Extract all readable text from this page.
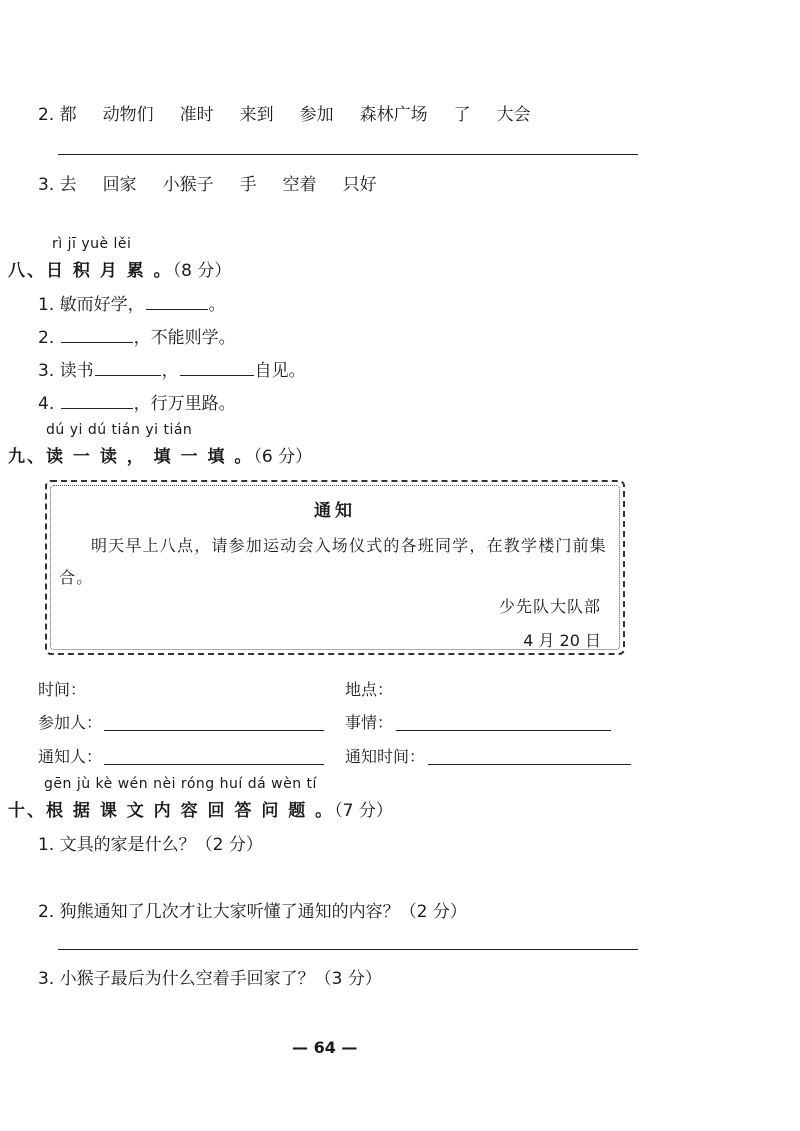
2. 都 动物们 准时 来到 参加 森林广场 了 大会
3. 去 回家 小猴子 手 空着 只好
rì jī yuè lěi
八、日 积 月 累 。（8 分）
1. 敏而好学，	。
2.	，不能则学。
3. 读书	，	自见。
4.	，行万里路。
dú yi dú tián yi tián
九、读 一 读 ， 填 一 填 。（6 分）
通知
明天早上八点，请参加运动会入场仪式的各班同学，在教学楼门前集合。
少先队大队部
4 月 20 日
时间：	地点：
参加人：	事情：
通知人：	通知时间：
gēn jù kè wén nèi róng huí dá wèn tí
十、根 据 课 文 内 容 回 答 问 题 。（7 分）
1. 文具的家是什么？（2 分）
2. 狗熊通知了几次才让大家听懂了通知的内容？（2 分）
3. 小猴子最后为什么空着手回家了？（3 分）
— 64 —
